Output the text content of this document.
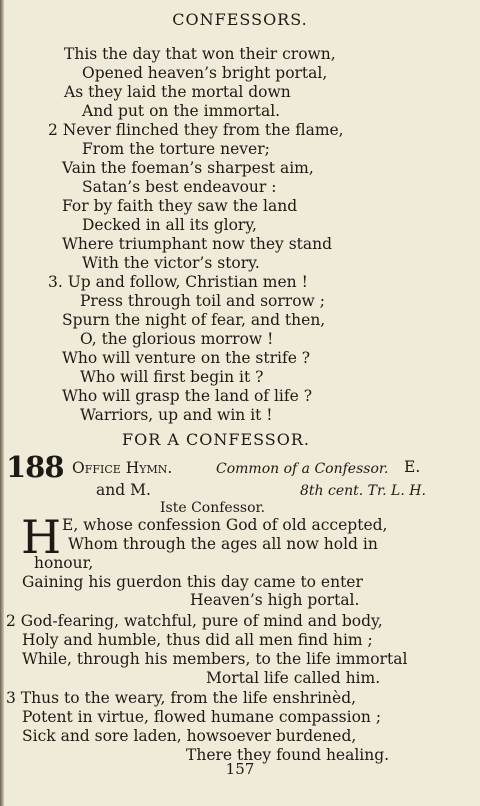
CONFESSORS.
This the day that won their crown,
Opened heaven’s bright portal,
As they laid the mortal down
And put on the immortal.
2 Never flinched they from the flame,
From the torture never;
Vain the foeman’s sharpest aim,
Satan’s best endeavour :
For by faith they saw the land
Decked in all its glory,
Where triumphant now they stand
With the victor’s story.
3. Up and follow, Christian men !
Press through toil and sorrow ;
Spurn the night of fear, and then,
O, the glorious morrow !
Who will venture on the strife ?
Who will first begin it ?
Who will grasp the land of life ?
Warriors, up and win it !
FOR A CONFESSOR.
188 Office Hymn.	Common of a Confessor. E.
and M.	8th cent. Tr. L. H.
Iste Confessor.
H E, whose confession God of old accepted,
Whom through the ages all now hold in
honour,
Gaining his guerdon this day came to enter
Heaven’s high portal.
2 God-fearing, watchful, pure of mind and body,
Holy and humble, thus did all men find him ;
While, through his members, to the life immortal
Mortal life called him.
3 Thus to the weary, from the life enshrinèd,
Potent in virtue, flowed humane compassion ;
Sick and sore laden, howsoever burdened,
There they found healing.
157
